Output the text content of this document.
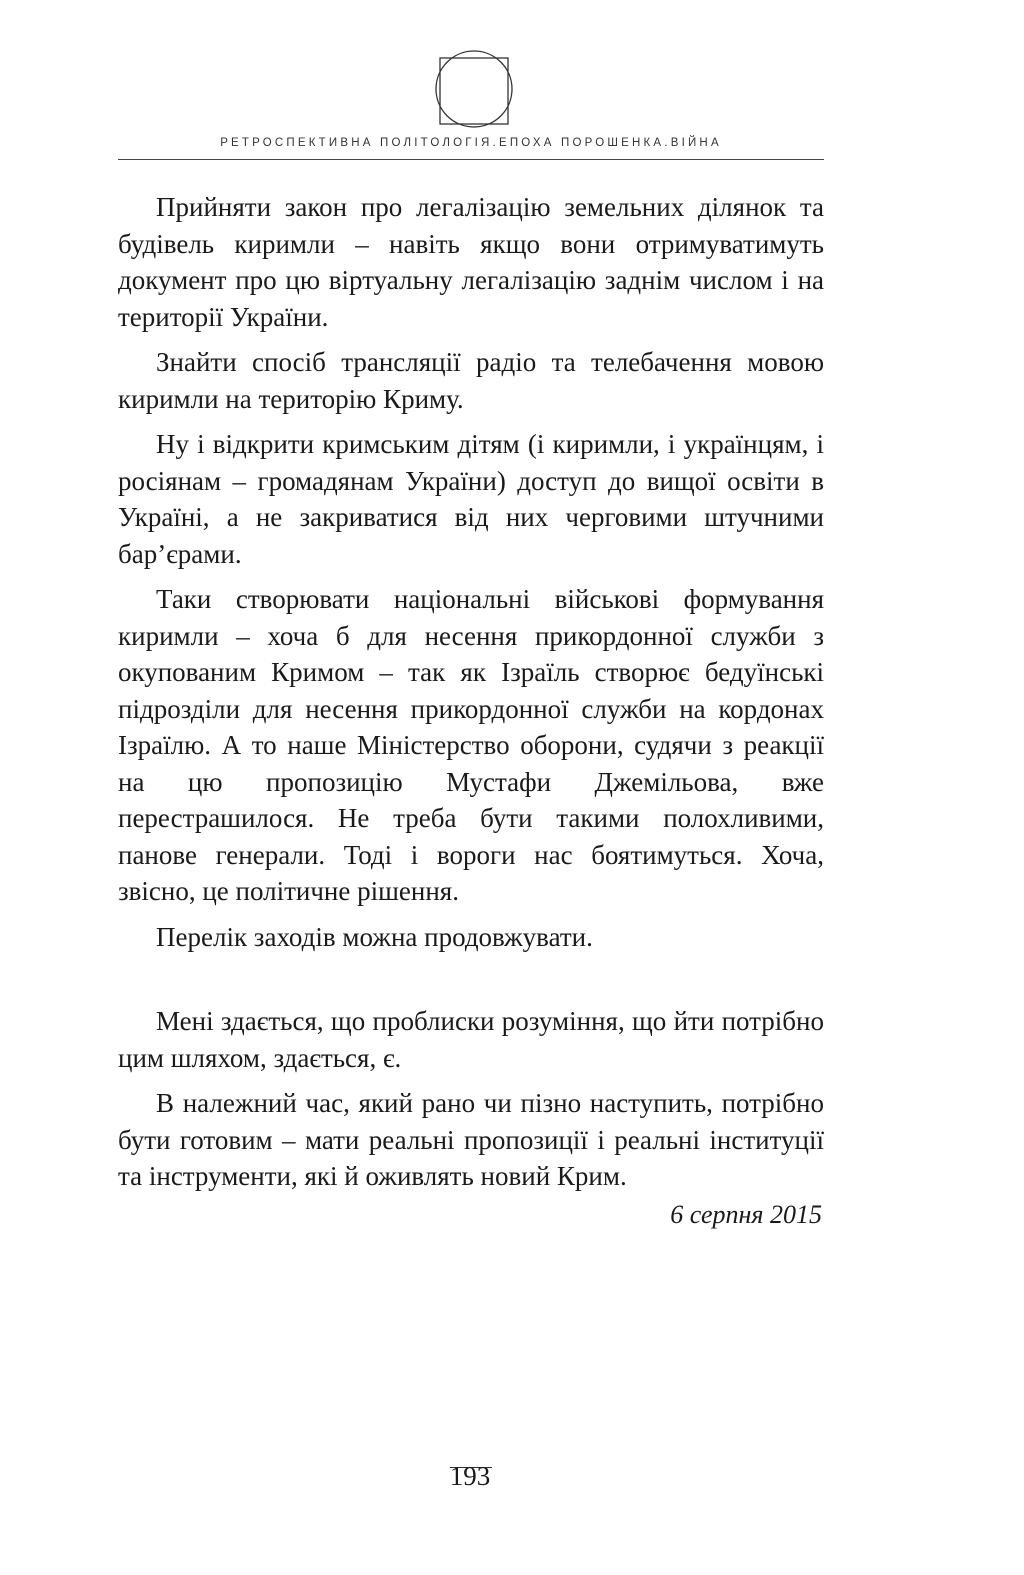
РЕТРОСПЕКТИВНА ПОЛІТОЛОГІЯ.ЕПОХА ПОРОШЕНКА.ВІЙНА

Прийняти закон про легалізацію земельних ділянок та будівель киримли – навіть якщо вони отримуватимуть документ про цю віртуальну легалізацію заднім числом і на території України.

Знайти спосіб трансляції радіо та телебачення мовою киримли на територію Криму.

Ну і відкрити кримським дітям (і киримли, і українцям, і росіянам – громадянам України) доступ до вищої освіти в Україні, а не закриватися від них черговими штучними бар’єрами.

Таки створювати національні військові формування киримли – хоча б для несення прикордонної служби з окупованим Кримом – так як Ізраїль створює бедуїнські підрозділи для несення прикордонної служби на кордонах Ізраїлю. А то наше Міністерство оборони, судячи з реакції на цю пропозицію Мустафи Джемільова, вже перестрашилося. Не треба бути такими полохливими, панове генерали. Тоді і вороги нас боятимуться. Хоча, звісно, це політичне рішення.

Перелік заходів можна продовжувати.

Мені здається, що проблиски розуміння, що йти потрібно цим шляхом, здається, є.

В належний час, який рано чи пізно наступить, потрібно бути готовим – мати реальні пропозиції і реальні інституції та інструменти, які й оживлять новий Крим.

6 серпня 2015
193
